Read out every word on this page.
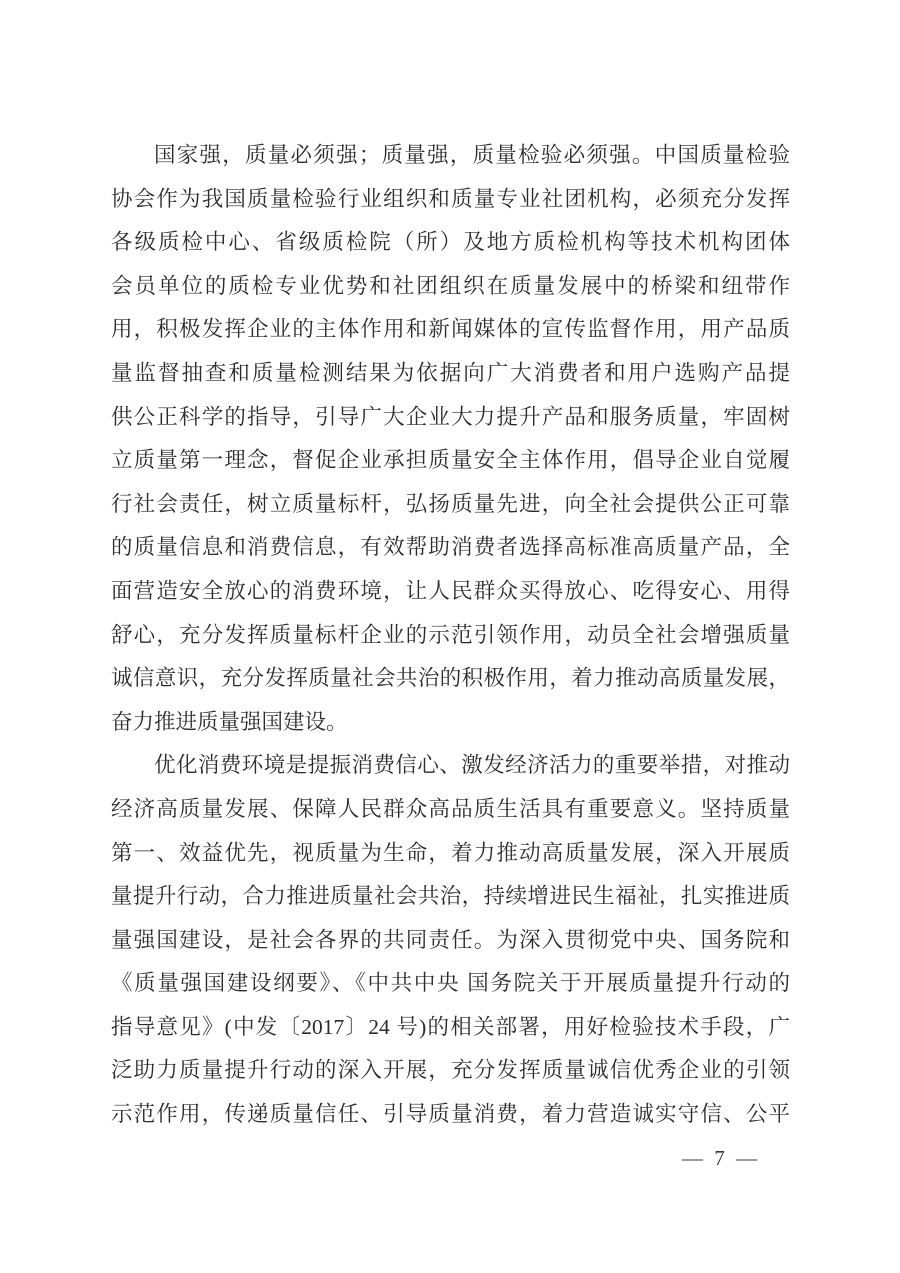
国家强，质量必须强；质量强，质量检验必须强。中国质量检验
协会作为我国质量检验行业组织和质量专业社团机构，必须充分发挥
各级质检中心、省级质检院（所）及地方质检机构等技术机构团体
会员单位的质检专业优势和社团组织在质量发展中的桥梁和纽带作
用，积极发挥企业的主体作用和新闻媒体的宣传监督作用，用产品质
量监督抽查和质量检测结果为依据向广大消费者和用户选购产品提
供公正科学的指导，引导广大企业大力提升产品和服务质量，牢固树
立质量第一理念，督促企业承担质量安全主体作用，倡导企业自觉履
行社会责任，树立质量标杆，弘扬质量先进，向全社会提供公正可靠
的质量信息和消费信息，有效帮助消费者选择高标准高质量产品，全
面营造安全放心的消费环境，让人民群众买得放心、吃得安心、用得
舒心，充分发挥质量标杆企业的示范引领作用，动员全社会增强质量
诚信意识，充分发挥质量社会共治的积极作用，着力推动高质量发展，
奋力推进质量强国建设。
优化消费环境是提振消费信心、激发经济活力的重要举措，对推动
经济高质量发展、保障人民群众高品质生活具有重要意义。坚持质量
第一、效益优先，视质量为生命，着力推动高质量发展，深入开展质
量提升行动，合力推进质量社会共治，持续增进民生福祉，扎实推进质
量强国建设，是社会各界的共同责任。为深入贯彻党中央、国务院和
《质量强国建设纲要》、《中共中央 国务院关于开展质量提升行动的
指导意见》(中发〔2017〕24 号)的相关部署，用好检验技术手段，广
泛助力质量提升行动的深入开展，充分发挥质量诚信优秀企业的引领
示范作用，传递质量信任、引导质量消费，着力营造诚实守信、公平
— 7 —
